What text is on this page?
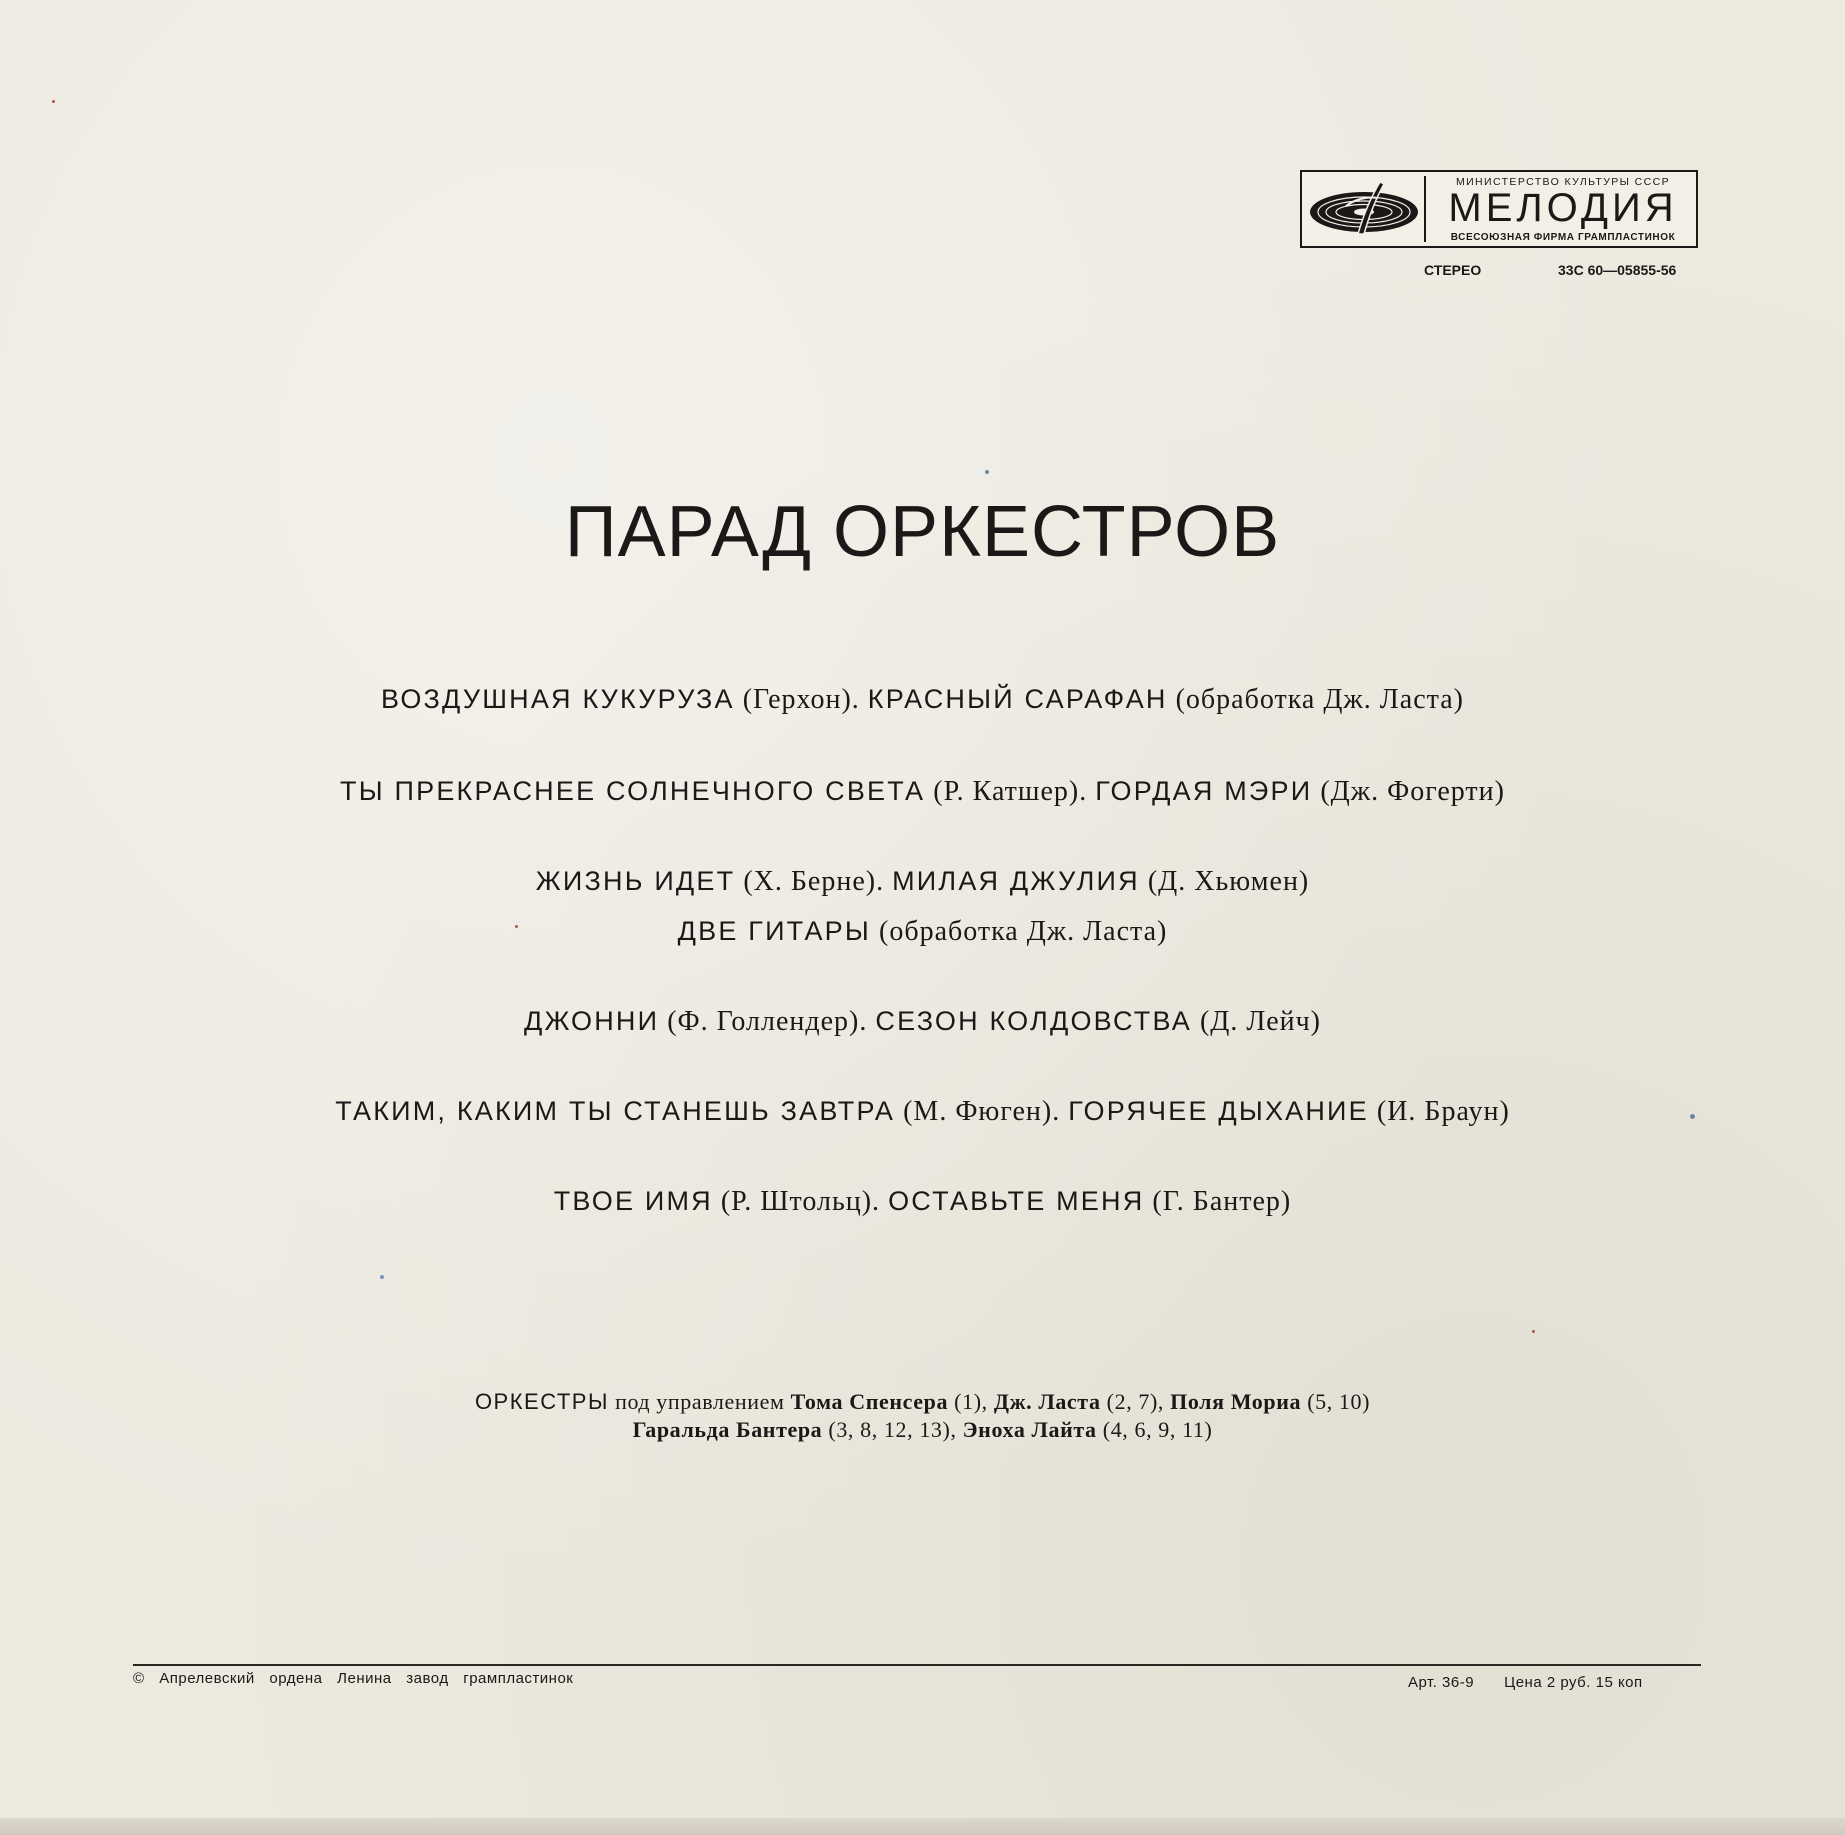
МИНИСТЕРСТВО КУЛЬТУРЫ СССР
МЕЛОДИЯ
ВСЕСОЮЗНАЯ ФИРМА ГРАМПЛАСТИНОК
СТЕРЕО	33С 60—05855-56
ПАРАД ОРКЕСТРОВ
ВОЗДУШНАЯ КУКУРУЗА (Герхон). КРАСНЫЙ САРАФАН (обработка Дж. Ласта)
ТЫ ПРЕКРАСНЕЕ СОЛНЕЧНОГО СВЕТА (Р. Катшер). ГОРДАЯ МЭРИ (Дж. Фогерти)
ЖИЗНЬ ИДЕТ (Х. Берне). МИЛАЯ ДЖУЛИЯ (Д. Хьюмен)
ДВЕ ГИТАРЫ (обработка Дж. Ласта)
ДЖОННИ (Ф. Голлендер). СЕЗОН КОЛДОВСТВА (Д. Лейч)
ТАКИМ, КАКИМ ТЫ СТАНЕШЬ ЗАВТРА (М. Фюген). ГОРЯЧЕЕ ДЫХАНИЕ (И. Браун)
ТВОЕ ИМЯ (Р. Штольц). ОСТАВЬТЕ МЕНЯ (Г. Бантер)
ОРКЕСТРЫ под управлением Тома Спенсера (1), Дж. Ласта (2, 7), Поля Мориа (5, 10)
Гаральда Бантера (3, 8, 12, 13), Эноха Лайта (4, 6, 9, 11)
© Апрелевский ордена Ленина завод грампластинок	Арт. 36-9 Цена 2 руб. 15 коп
